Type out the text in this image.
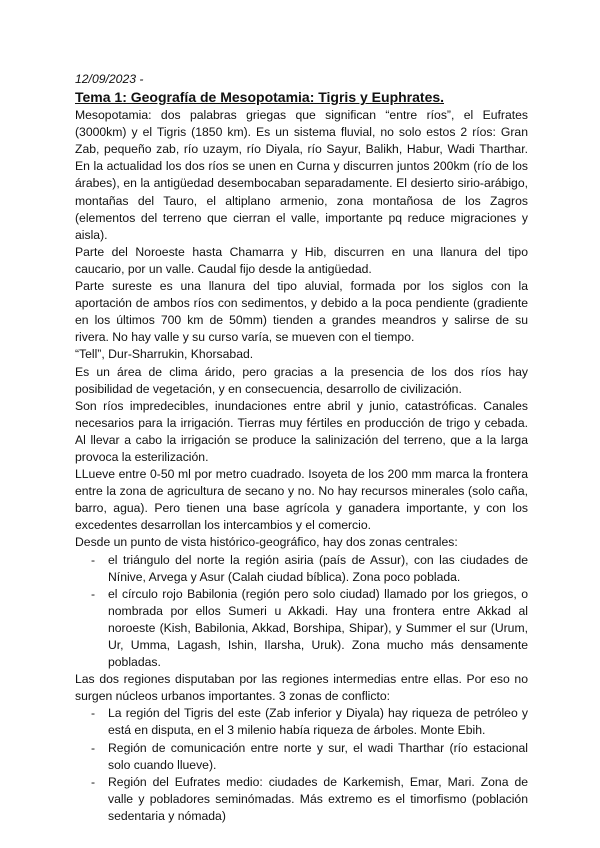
12/09/2023 -

Tema 1: Geografía de Mesopotamia: Tigris y Euphrates.

Mesopotamia: dos palabras griegas que significan “entre ríos”, el Eufrates (3000km) y el Tigris (1850 km). Es un sistema fluvial, no solo estos 2 ríos: Gran Zab, pequeño zab, río uzaym, río Diyala, río Sayur, Balikh, Habur, Wadi Tharthar. En la actualidad los dos ríos se unen en Curna y discurren juntos 200km (río de los árabes), en la antigüedad desembocaban separadamente. El desierto sirio-arábigo, montañas del Tauro, el altiplano armenio, zona montañosa de los Zagros (elementos del terreno que cierran el valle, importante pq reduce migraciones y aisla).

Parte del Noroeste hasta Chamarra y Hib, discurren en una llanura del tipo caucario, por un valle. Caudal fijo desde la antigüedad.

Parte sureste es una llanura del tipo aluvial, formada por los siglos con la aportación de ambos ríos con sedimentos, y debido a la poca pendiente (gradiente en los últimos 700 km de 50mm) tienden a grandes meandros y salirse de su rivera. No hay valle y su curso varía, se mueven con el tiempo.

“Tell”, Dur-Sharrukin, Khorsabad.

Es un área de clima árido, pero gracias a la presencia de los dos ríos hay posibilidad de vegetación, y en consecuencia, desarrollo de civilización.

Son ríos impredecibles, inundaciones entre abril y junio, catastróficas. Canales necesarios para la irrigación. Tierras muy fértiles en producción de trigo y cebada. Al llevar a cabo la irrigación se produce la salinización del terreno, que a la larga provoca la esterilización.

LLueve entre 0-50 ml por metro cuadrado. Isoyeta de los 200 mm marca la frontera entre la zona de agricultura de secano y no. No hay recursos minerales (solo caña, barro, agua). Pero tienen una base agrícola y ganadera importante, y con los excedentes desarrollan los intercambios y el comercio.

Desde un punto de vista histórico-geográfico, hay dos zonas centrales:

- el triángulo del norte la región asiria (país de Assur), con las ciudades de Nínive, Arvega y Asur (Calah ciudad bíblica). Zona poco poblada.
- el círculo rojo Babilonia (región pero solo ciudad) llamado por los griegos, o nombrada por ellos Sumeri u Akkadi. Hay una frontera entre Akkad al noroeste (Kish, Babilonia, Akkad, Borshipa, Shipar), y Summer el sur (Urum, Ur, Umma, Lagash, Ishin, Ilarsha, Uruk). Zona mucho más densamente pobladas.

Las dos regiones disputaban por las regiones intermedias entre ellas. Por eso no surgen núcleos urbanos importantes. 3 zonas de conflicto:

- La región del Tigris del este (Zab inferior y Diyala) hay riqueza de petróleo y está en disputa, en el 3 milenio había riqueza de árboles. Monte Ebih.
- Región de comunicación entre norte y sur, el wadi Tharthar (río estacional solo cuando llueve).
- Región del Eufrates medio: ciudades de Karkemish, Emar, Mari. Zona de valle y pobladores seminómadas. Más extremo es el timorfismo (población sedentaria y nómada)
